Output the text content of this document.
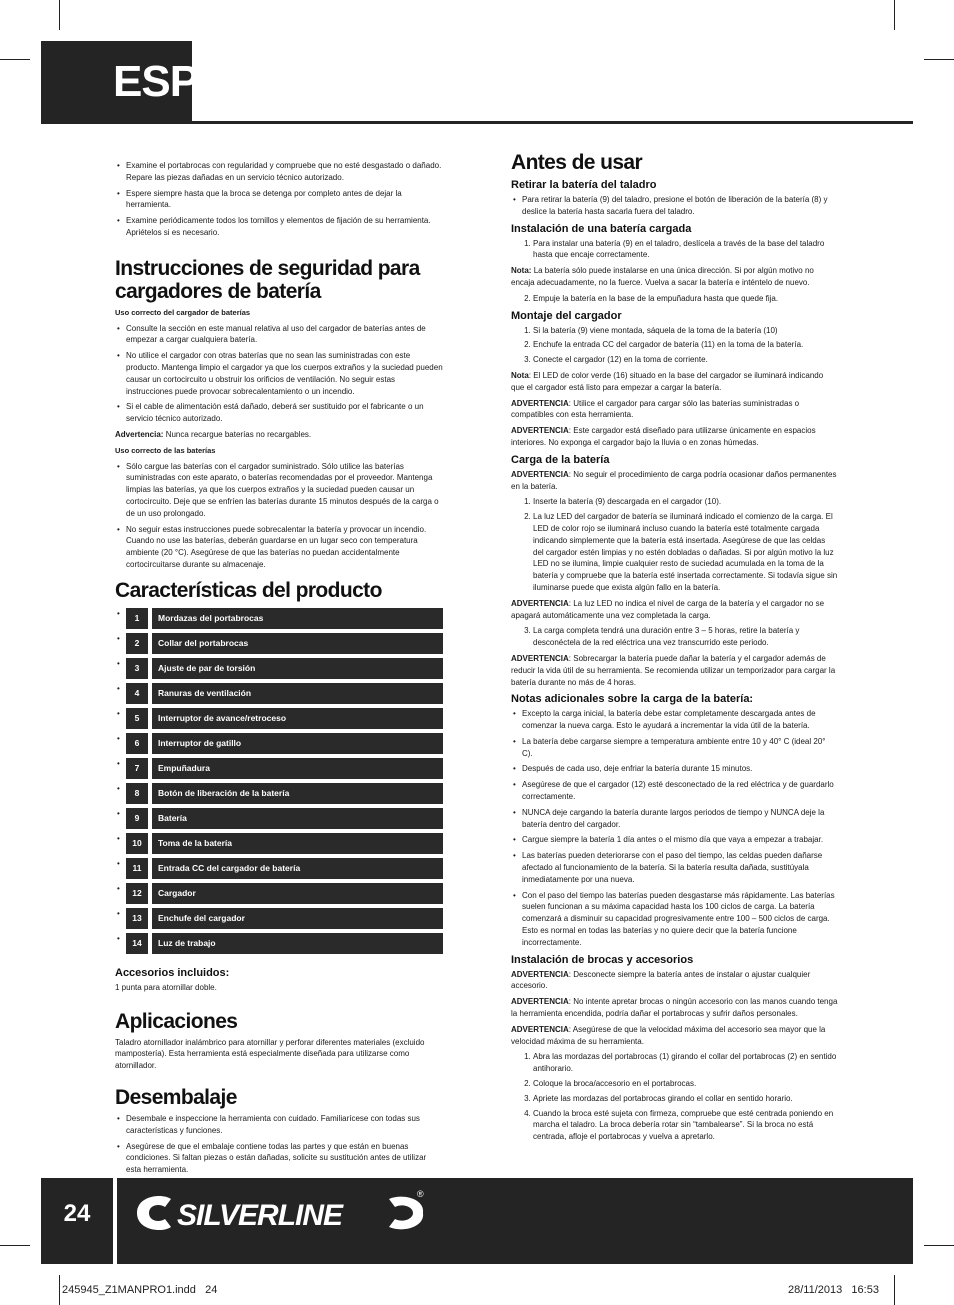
ESP
• Examine el portabrocas con regularidad y compruebe que no esté desgastado o dañado. Repare las piezas dañadas en un servicio técnico autorizado.
• Espere siempre hasta que la broca se detenga por completo antes de dejar la herramienta.
• Examine periódicamente todos los tornillos y elementos de fijación de su herramienta. Apriételos si es necesario.
Instrucciones de seguridad para cargadores de batería

Uso correcto del cargador de baterías

• Consulte la sección en este manual relativa al uso del cargador de baterías antes de empezar a cargar cualquiera batería.
• No utilice el cargador con otras baterías que no sean las suministradas con este producto. Mantenga limpio el cargador ya que los cuerpos extraños y la suciedad pueden causar un cortocircuito u obstruir los orificios de ventilación. No seguir estas instrucciones puede provocar sobrecalentamiento o un incendio.
• Si el cable de alimentación está dañado, deberá ser sustituido por el fabricante o un servicio técnico autorizado.

Advertencia: Nunca recargue baterías no recargables.

Uso correcto de las baterías

• Sólo cargue las baterías con el cargador suministrado. Sólo utilice las baterías suministradas con este aparato, o baterías recomendadas por el proveedor. Mantenga limpias las baterías, ya que los cuerpos extraños y la suciedad pueden causar un cortocircuito. Deje que se enfríen las baterías durante 15 minutos después de la carga o de un uso prolongado.
• No seguir estas instrucciones puede sobrecalentar la batería y provocar un incendio. Cuando no use las baterías, deberán guardarse en un lugar seco con temperatura ambiente (20 °C). Asegúrese de que las baterías no puedan accidentalmente cortocircuitarse durante su almacenaje.
Características del producto
• 1	Mordazas del portabrocas
• 2	Collar del portabrocas
• 3	Ajuste de par de torsión
• 4	Ranuras de ventilación
• 5	Interruptor de avance/retroceso
• 6	Interruptor de gatillo
• 7	Empuñadura
• 8	Botón de liberación de la batería
• 9	Batería
• 10	Toma de la batería
• 11	Entrada CC del cargador de batería
• 12	Cargador
• 13	Enchufe del cargador
• 14	Luz de trabajo
Accesorios incluidos:

1 punta para atornillar doble.

Aplicaciones

Taladro atornillador inalámbrico para atornillar y perforar diferentes materiales (excluido mampostería). Esta herramienta está especialmente diseñada para utilizarse como atornillador.

Desembalaje
• Desembale e inspeccione la herramienta con cuidado. Familiarícese con todas sus características y funciones.
• Asegúrese de que el embalaje contiene todas las partes y que están en buenas condiciones. Si faltan piezas o están dañadas, solicite su sustitución antes de utilizar esta herramienta.
Antes de usar
Retirar la batería del taladro
• Para retirar la batería (9) del taladro, presione el botón de liberación de la batería (8) y deslice la batería hasta sacarla fuera del taladro.
Instalación de una batería cargada
1. Para instalar una batería (9) en el taladro, deslícela a través de la base del taladro hasta que encaje correctamente.

Nota: La batería sólo puede instalarse en una única dirección. Si por algún motivo no encaja adecuadamente, no la fuerce. Vuelva a sacar la batería e inténtelo de nuevo.

2. Empuje la batería en la base de la empuñadura hasta que quede fija.
Montaje del cargador
1. Si la batería (9) viene montada, sáquela de la toma de la batería (10)
2. Enchufe la entrada CC del cargador de batería (11) en la toma de la batería.
3. Conecte el cargador (12) en la toma de corriente.

Nota: El LED de color verde (16) situado en la base del cargador se iluminará indicando que el cargador está listo para empezar a cargar la batería.

ADVERTENCIA: Utilice el cargador para cargar sólo las baterías suministradas o compatibles con esta herramienta.

ADVERTENCIA: Este cargador está diseñado para utilizarse únicamente en espacios interiores. No exponga el cargador bajo la lluvia o en zonas húmedas.

Carga de la batería

ADVERTENCIA: No seguir el procedimiento de carga podría ocasionar daños permanentes en la batería.

1. Inserte la batería (9) descargada en el cargador (10).
2. La luz LED del cargador de batería se iluminará indicado el comienzo de la carga. El LED de color rojo se iluminará incluso cuando la batería esté totalmente cargada indicando simplemente que la batería está insertada. Asegúrese de que las celdas del cargador estén limpias y no estén dobladas o dañadas. Si por algún motivo la luz LED no se ilumina, limpie cualquier resto de suciedad acumulada en la toma de la batería y compruebe que la batería esté insertada correctamente. Si todavía sigue sin iluminarse puede que exista algún fallo en la batería.

ADVERTENCIA: La luz LED no indica el nivel de carga de la batería y el cargador no se apagará automáticamente una vez completada la carga.

3. La carga completa tendrá una duración entre 3 – 5 horas, retire la batería y desconéctela de la red eléctrica una vez transcurrido este periodo.

ADVERTENCIA: Sobrecargar la batería puede dañar la batería y el cargador además de reducir la vida útil de su herramienta. Se recomienda utilizar un temporizador para cargar la batería durante no más de 4 horas.

Notas adicionales sobre la carga de la batería:
• Excepto la carga inicial, la batería debe estar completamente descargada antes de comenzar la nueva carga. Esto le ayudará a incrementar la vida útil de la batería.
• La batería debe cargarse siempre a temperatura ambiente entre 10 y 40° C (ideal 20° C).
• Después de cada uso, deje enfriar la batería durante 15 minutos.
• Asegúrese de que el cargador (12) esté desconectado de la red eléctrica y de guardarlo correctamente.
• NUNCA deje cargando la batería durante largos periodos de tiempo y NUNCA deje la batería dentro del cargador.
• Cargue siempre la batería 1 día antes o el mismo día que vaya a empezar a trabajar.
• Las baterías pueden deteriorarse con el paso del tiempo, las celdas pueden dañarse afectado al funcionamiento de la batería. Si la batería resulta dañada, sustitúyala inmediatamente por una nueva.
• Con el paso del tiempo las baterías pueden desgastarse más rápidamente. Las baterías suelen funcionan a su máxima capacidad hasta los 100 ciclos de carga. La batería comenzará a disminuir su capacidad progresivamente entre 100 – 500 ciclos de carga. Esto es normal en todas las baterías y no quiere decir que la batería funcione incorrectamente.
Instalación de brocas y accesorios

ADVERTENCIA: Desconecte siempre la batería antes de instalar o ajustar cualquier accesorio.

ADVERTENCIA: No intente apretar brocas o ningún accesorio con las manos cuando tenga la herramienta encendida, podría dañar el portabrocas y sufrir daños personales.

ADVERTENCIA: Asegúrese de que la velocidad máxima del accesorio sea mayor que la velocidad máxima de su herramienta.

1. Abra las mordazas del portabrocas (1) girando el collar del portabrocas (2) en sentido antihorario.
2. Coloque la broca/accesorio en el portabrocas.
3. Apriete las mordazas del portabrocas girando el collar en sentido horario.
4. Cuando la broca esté sujeta con firmeza, compruebe que esté centrada poniendo en marcha el taladro. La broca debería rotar sin “tambalearse”. Si la broca no está centrada, afloje el portabrocas y vuelva a apretarlo.
24	SILVERLINE
®
245945_Z1MANPRO1.indd   24	28/11/2013   16:53
